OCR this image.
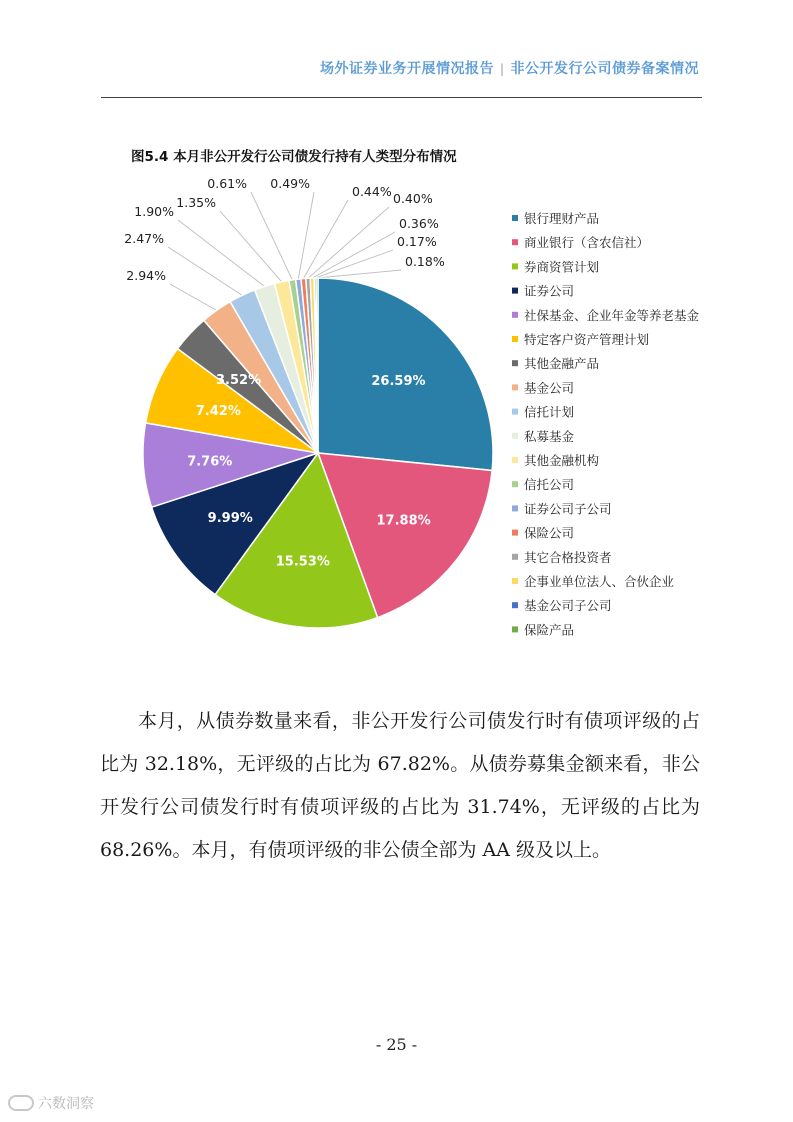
场外证券业务开展情况报告 | 非公开发行公司债券备案情况
图5.4 本月非公开发行公司债发行持有人类型分布情况
26.59%
17.88%
15.53%
9.99%
7.76%
7.42%
3.52%
2.94%
2.47%
1.90%
1.35%
0.61% 0.49%
0.44% 0.40%
0.36%
0.17%
0.18%
银行理财产品
商业银行（含农信社）
券商资管计划
证券公司
社保基金、企业年金等养老基金
特定客户资产管理计划
其他金融产品
基金公司
信托计划
私募基金
其他金融机构
信托公司
证券公司子公司
保险公司
其它合格投资者
企事业单位法人、合伙企业
基金公司子公司
保险产品
本月，从债券数量来看，非公开发行公司债发行时有债项评级的占比为 32.18%，无评级的占比为 67.82%。从债券募集金额来看，非公开发行公司债发行时有债项评级的占比为 31.74%，无评级的占比为 68.26%。本月，有债项评级的非公债全部为 AA 级及以上。
- 25 -
六数洞察
